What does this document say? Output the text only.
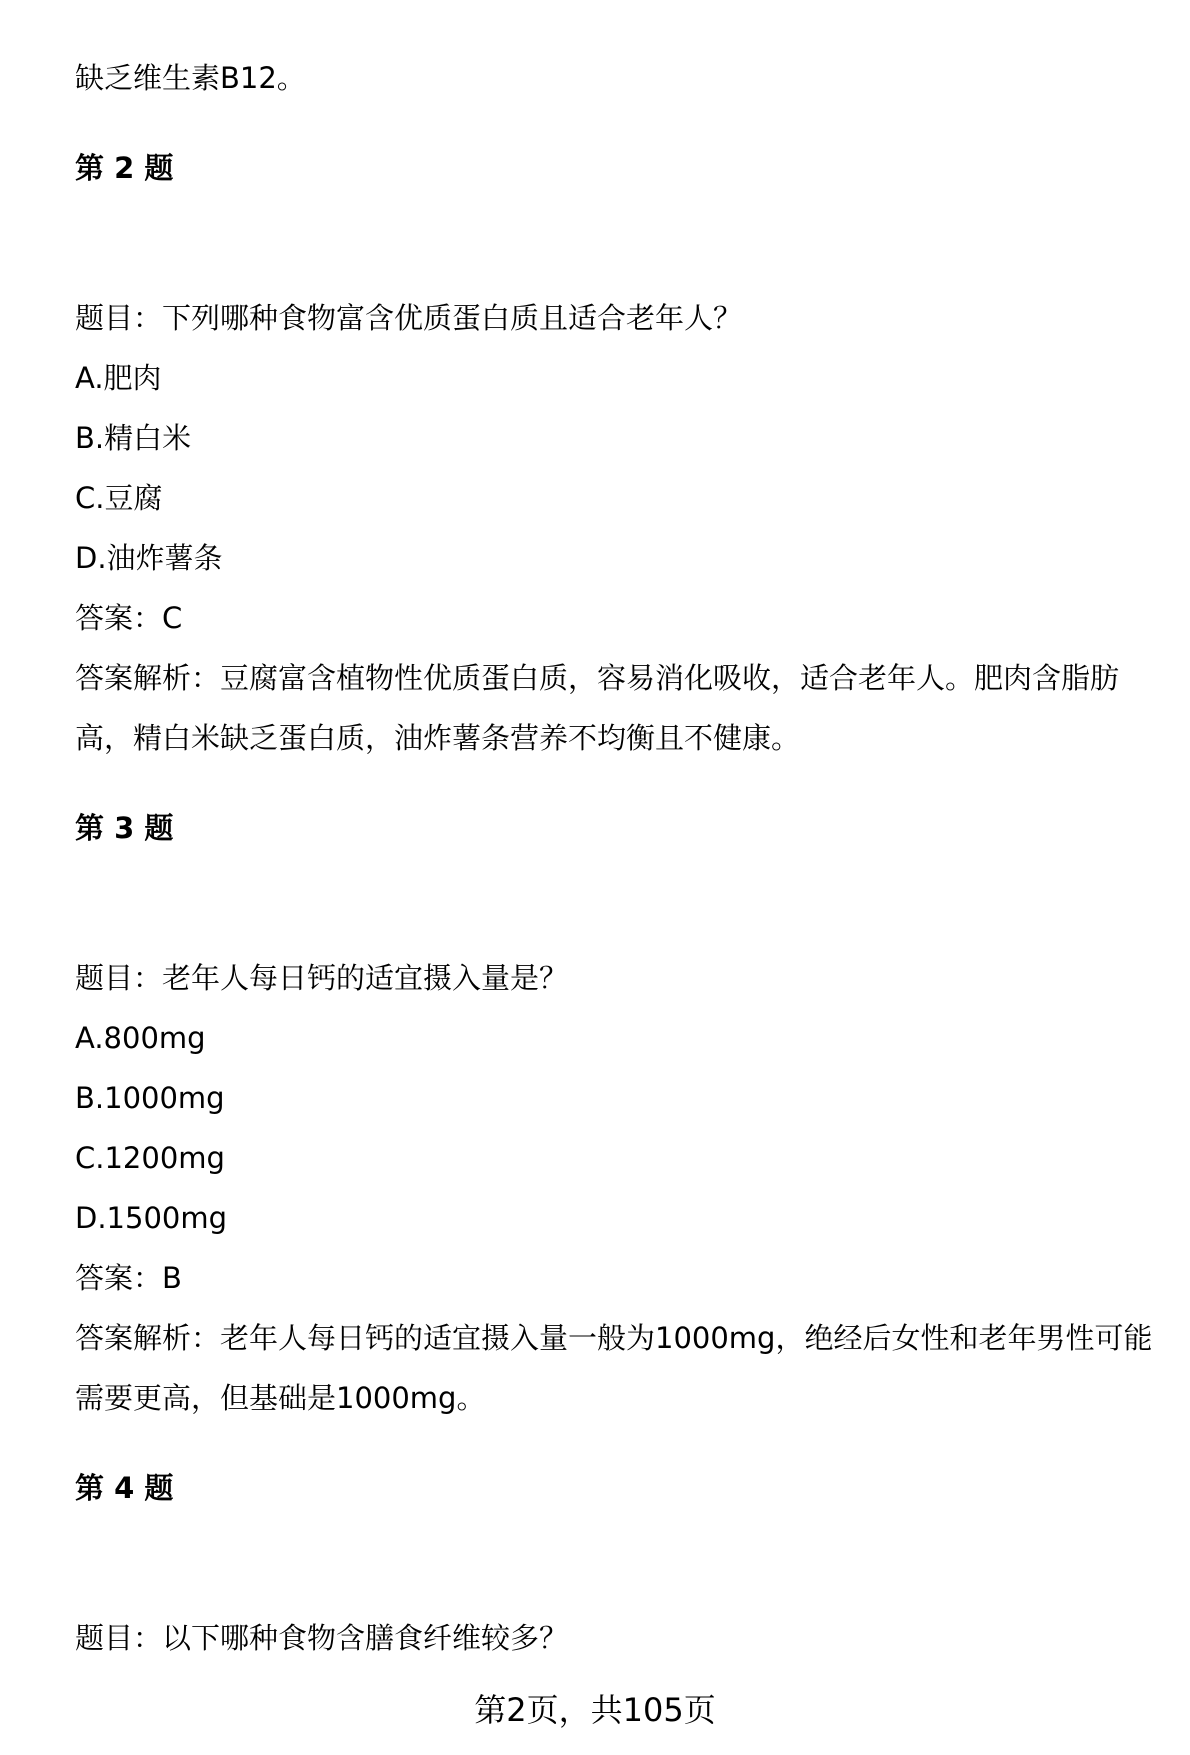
缺乏维生素B12。

第 2 题

题目：下列哪种食物富含优质蛋白质且适合老年人？

A.肥肉

B.精白米

C.豆腐

D.油炸薯条

答案：C

答案解析：豆腐富含植物性优质蛋白质，容易消化吸收，适合老年人。肥肉含脂肪高，精白米缺乏蛋白质，油炸薯条营养不均衡且不健康。

第 3 题

题目：老年人每日钙的适宜摄入量是？

A.800mg

B.1000mg

C.1200mg

D.1500mg

答案：B

答案解析：老年人每日钙的适宜摄入量一般为1000mg，绝经后女性和老年男性可能需要更高，但基础是1000mg。

第 4 题

题目：以下哪种食物含膳食纤维较多？

第2页，共105页
